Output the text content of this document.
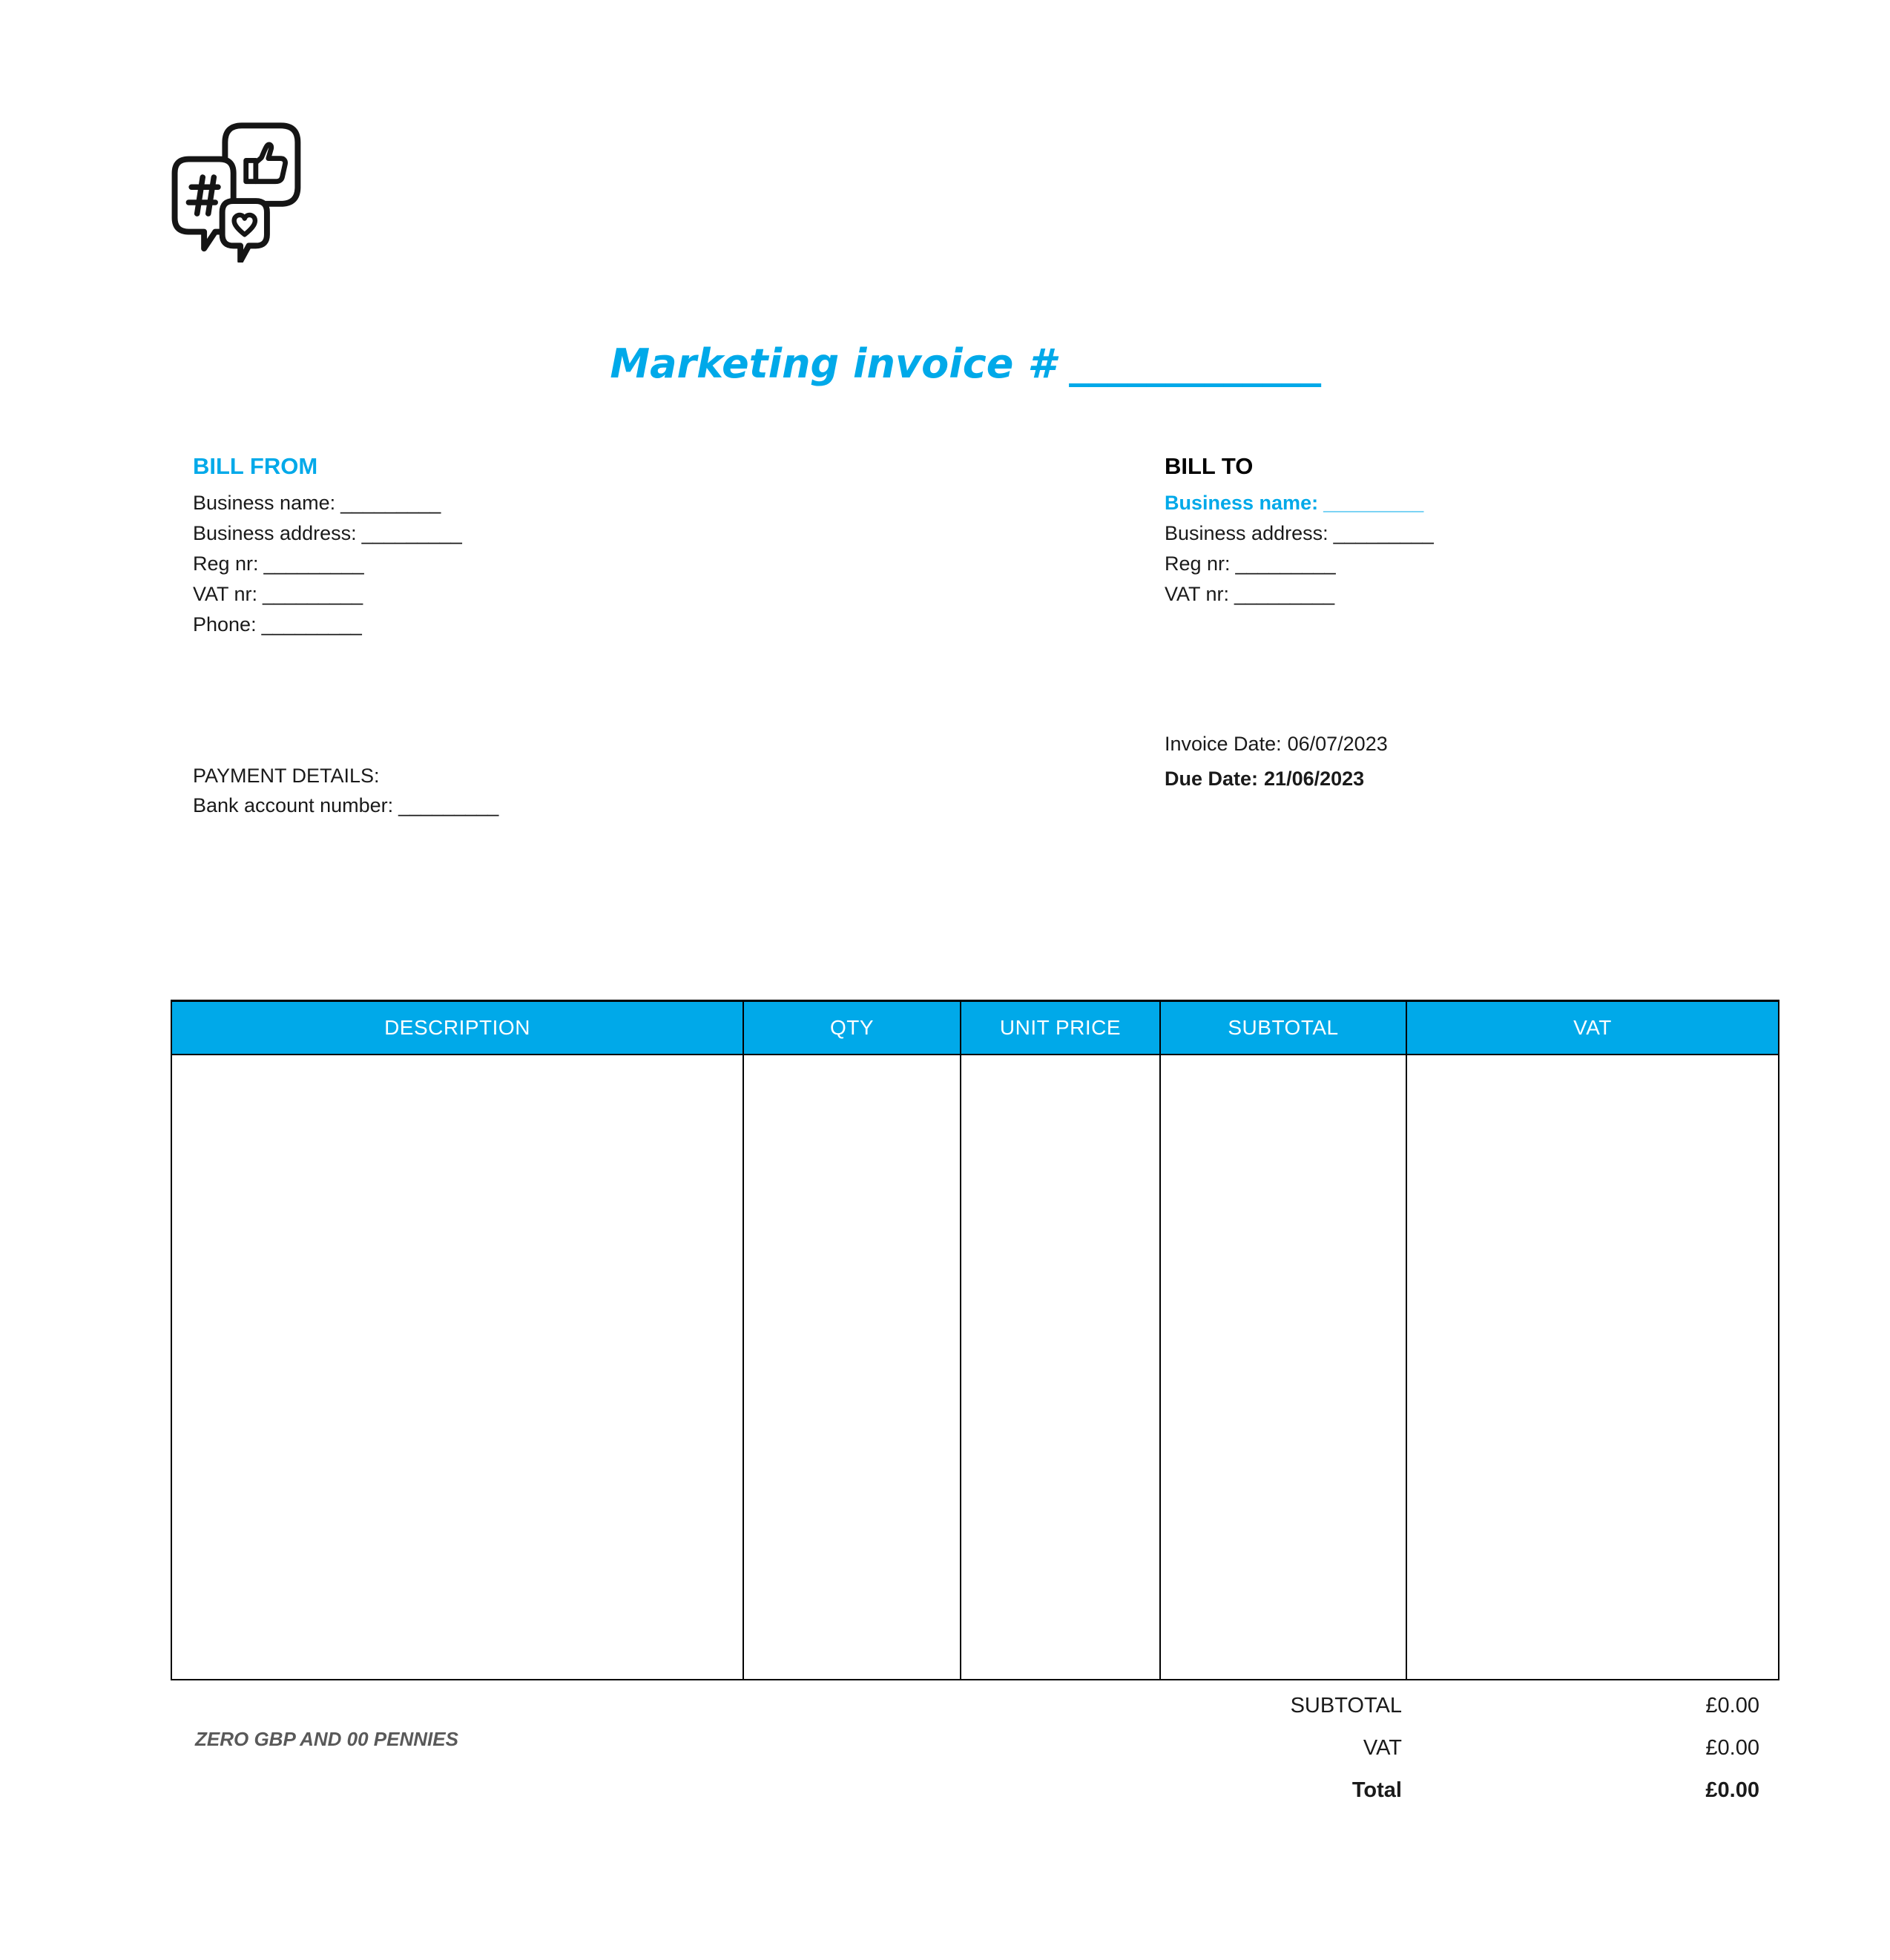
Marketing invoice # _____________
BILL FROM
Business name: _________
Business address: _________
Reg nr: _________
VAT nr: _________
Phone: _________
BILL TO
Business name: _________
Business address: _________
Reg nr: _________
VAT nr: _________
Invoice Date: 06/07/2023
Due Date: 21/06/2023
PAYMENT DETAILS:
Bank account number: _________
DESCRIPTION	QTY	UNIT PRICE	SUBTOTAL	VAT
SUBTOTAL	£0.00
VAT	£0.00
Total	£0.00
ZERO GBP AND 00 PENNIES
